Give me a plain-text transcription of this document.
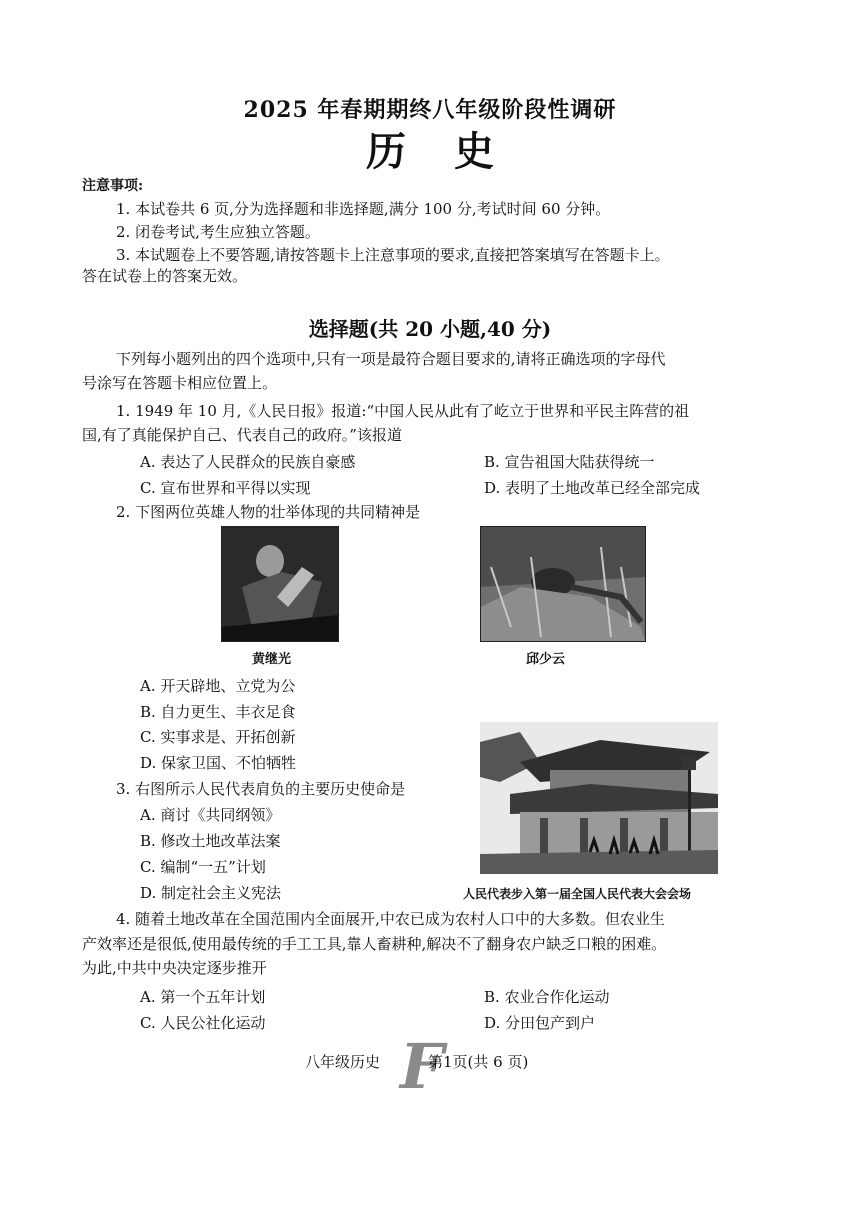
2025 年春期期终八年级阶段性调研
历史
注意事项:
1. 本试卷共 6 页,分为选择题和非选择题,满分 100 分,考试时间 60 分钟。
2. 闭卷考试,考生应独立答题。
3. 本试题卷上不要答题,请按答题卡上注意事项的要求,直接把答案填写在答题卡上。
答在试卷上的答案无效。
选择题(共 20 小题,40 分)
下列每小题列出的四个选项中,只有一项是最符合题目要求的,请将正确选项的字母代
号涂写在答题卡相应位置上。
1. 1949 年 10 月,《人民日报》报道:“中国人民从此有了屹立于世界和平民主阵营的祖
国,有了真能保护自己、代表自己的政府。”该报道
A. 表达了人民群众的民族自豪感	B. 宣告祖国大陆获得统一
C. 宣布世界和平得以实现	D. 表明了土地改革已经全部完成
2. 下图两位英雄人物的壮举体现的共同精神是
黄继光	邱少云
A. 开天辟地、立党为公
B. 自力更生、丰衣足食
C. 实事求是、开拓创新
D. 保家卫国、不怕牺牲
3. 右图所示人民代表肩负的主要历史使命是
A. 商讨《共同纲领》
B. 修改土地改革法案
C. 编制“一五”计划
D. 制定社会主义宪法	人民代表步入第一届全国人民代表大会会场
4. 随着土地改革在全国范围内全面展开,中农已成为农村人口中的大多数。但农业生
产效率还是很低,使用最传统的手工工具,靠人畜耕种,解决不了翻身农户缺乏口粮的困难。
为此,中共中央决定逐步推开
A. 第一个五年计划	B. 农业合作化运动
C. 人民公社化运动	D. 分田包产到户
八年级历史 F
第1页(共 6 页)
